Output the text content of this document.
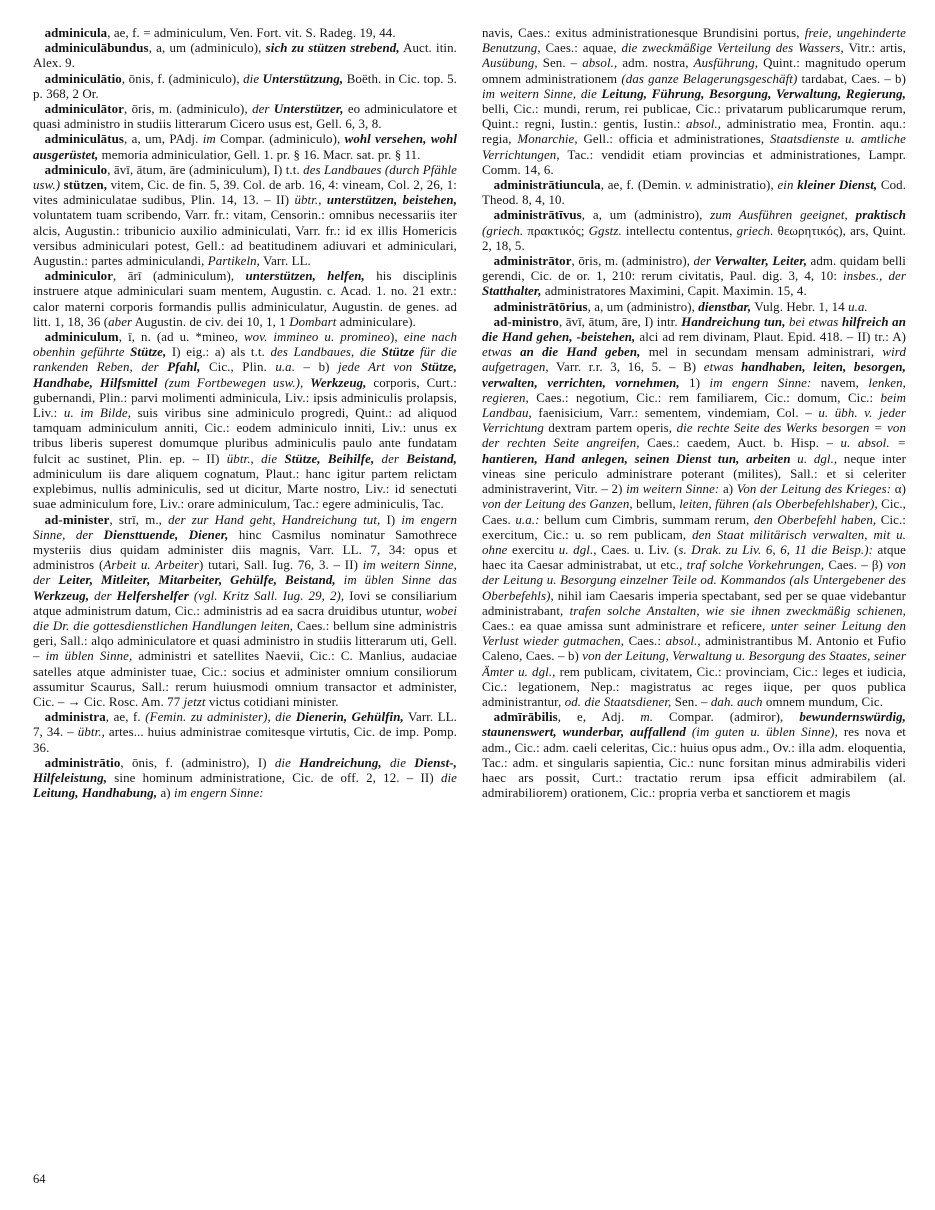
adminicula, ae, f. = adminiculum, Ven. Fort. vit. S. Radeg. 19, 44.

adminiculābundus, a, um (adminiculo), sich zu stützen strebend, Auct. itin. Alex. 9.

adminiculātio, ōnis, f. (adminiculo), die Unterstützung, Boëth. in Cic. top. 5. p. 368, 2 Or.

adminiculātor, ōris, m. (adminiculo), der Unterstützer, eo adminiculatore et quasi administro in studiis litterarum Cicero usus est, Gell. 6, 3, 8.

adminiculātus, a, um, PAdj. im Compar. (adminiculo), wohl versehen, wohl ausgerüstet, memoria adminiculatior, Gell. 1. pr. § 16. Macr. sat. pr. § 11.

adminiculo, āvī, ātum, āre (adminiculum), I) t.t. des Landbaues (durch Pfähle usw.) stützen, vitem, Cic. de fin. 5, 39. Col. de arb. 16, 4: vineam, Col. 2, 26, 1: vites adminiculatae sudibus, Plin. 14, 13. – II) übtr., unterstützen, beistehen, voluntatem tuam scribendo, Varr. fr.: vitam, Censorin.: omnibus necessariis iter alcis, Augustin.: tribunicio auxilio adminiculati, Varr. fr.: id ex illis Homericis versibus adminiculari potest, Gell.: ad beatitudinem adiuvari et adminiculari, Augustin.: partes adminiculandi, Partikeln, Varr. LL.

adminiculor, ārī (adminiculum), unterstützen, helfen, his disciplinis instruere atque adminiculari suam mentem, Augustin. c. Acad. 1. no. 21 extr.: calor materni corporis formandis pullis adminiculatur, Augustin. de genes. ad litt. 1, 18, 36 (aber Augustin. de civ. dei 10, 1, 1 Dombart adminiculare).

adminiculum, ī, n. (ad u. *mineo, wov. immineo u. promineo), eine nach obenhin geführte Stütze, I) eig.: a) als t.t. des Landbaues, die Stütze für die rankenden Reben, der Pfahl, Cic., Plin. u.a. – b) jede Art von Stütze, Handhabe, Hilfsmittel (zum Fortbewegen usw.), Werkzeug, corporis, Curt.: gubernandi, Plin.: parvi molimenti adminicula, Liv.: ipsis adminiculis prolapsis, Liv.: u. im Bilde, suis viribus sine adminiculo progredi, Quint.: ad aliquod tamquam adminiculum anniti, Cic.: eodem adminiculo inniti, Liv.: unus ex tribus liberis superest domumque pluribus adminiculis paulo ante fundatam fulcit ac sustinet, Plin. ep. – II) übtr., die Stütze, Beihilfe, der Beistand, adminiculum iis dare aliquem cognatum, Plaut.: hanc igitur partem relictam explebimus, nullis adminiculis, sed ut dicitur, Marte nostro, Liv.: id senectuti suae adminiculum fore, Liv.: orare adminiculum, Tac.: egere adminiculis, Tac.

ad-minister, strī, m., der zur Hand geht, Handreichung tut, I) im engern Sinne, der Diensttuende, Diener, hinc Casmilus nominatur Samothrece mysteriis dius quidam administer diis magnis, Varr. LL. 7, 34: opus et administros (Arbeit u. Arbeiter) tutari, Sall. Iug. 76, 3. – II) im weitern Sinne, der Leiter, Mitleiter, Mitarbeiter, Gehülfe, Beistand, im üblen Sinne das Werkzeug, der Helfershelfer (vgl. Kritz Sall. Iug. 29, 2), Iovi se consiliarium atque administrum datum, Cic.: administris ad ea sacra druidibus utuntur, wobei die Dr. die gottesdienstlichen Handlungen leiten, Caes.: bellum sine administris geri, Sall.: alqo adminiculatore et quasi administro in studiis litterarum uti, Gell. – im üblen Sinne, administri et satellites Naevii, Cic.: C. Manlius, audaciae satelles atque administer tuae, Cic.: socius et administer omnium consiliorum assumitur Scaurus, Sall.: rerum huiusmodi omnium transactor et administer, Cic. – → Cic. Rosc. Am. 77 jetzt victus cotidiani minister.

administra, ae, f. (Femin. zu administer), die Dienerin, Gehülfin, Varr. LL. 7, 34. – übtr., artes... huius administrae comitesque virtutis, Cic. de imp. Pomp. 36.

administrātio, ōnis, f. (administro), I) die Handreichung, die Dienst-, Hilfeleistung, sine hominum administratione, Cic. de off. 2, 12. – II) die Leitung, Handhabung, a) im engern Sinne:

navis, Caes.: exitus administrationesque Brundisini portus, freie, ungehinderte Benutzung, Caes.: aquae, die zweckmäßige Verteilung des Wassers, Vitr.: artis, Ausübung, Sen. – absol., adm. nostra, Ausführung, Quint.: magnitudo operum omnem administrationem (das ganze Belagerungsgeschäft) tardabat, Caes. – b) im weitern Sinne, die Leitung, Führung, Besorgung, Verwaltung, Regierung, belli, Cic.: mundi, rerum, rei publicae, Cic.: privatarum publicarumque rerum, Quint.: regni, Iustin.: gentis, Iustin.: absol., administratio mea, Frontin. aqu.: regia, Monarchie, Gell.: officia et administrationes, Staatsdienste u. amtliche Verrichtungen, Tac.: vendidit etiam provincias et administrationes, Lampr. Comm. 14, 6.

administrātiuncula, ae, f. (Demin. v. administratio), ein kleiner Dienst, Cod. Theod. 8, 4, 10.

administrātīvus, a, um (administro), zum Ausführen geeignet, praktisch (griech. πρακτικός; Ggstz. intellectu contentus, griech. θεωρητικός), ars, Quint. 2, 18, 5.

administrātor, ōris, m. (administro), der Verwalter, Leiter, adm. quidam belli gerendi, Cic. de or. 1, 210: rerum civitatis, Paul. dig. 3, 4, 10: insbes., der Statthalter, administratores Maximini, Capit. Maximin. 15, 4.

administrātōrius, a, um (administro), dienstbar, Vulg. Hebr. 1, 14 u.a.

ad-ministro, āvī, ātum, āre, I) intr. Handreichung tun, bei etwas hilfreich an die Hand gehen, -beistehen, alci ad rem divinam, Plaut. Epid. 418. – II) tr.: A) etwas an die Hand geben, mel in secundam mensam administrari, wird aufgetragen, Varr. r.r. 3, 16, 5. – B) etwas handhaben, leiten, besorgen, verwalten, verrichten, vornehmen, 1) im engern Sinne: navem, lenken, regieren, Caes.: negotium, Cic.: rem familiarem, Cic.: domum, Cic.: beim Landbau, faenisicium, Varr.: sementem, vindemiam, Col. – u. übh. v. jeder Verrichtung dextram partem operis, die rechte Seite des Werks besorgen = von der rechten Seite angreifen, Caes.: caedem, Auct. b. Hisp. – u. absol. = hantieren, Hand anlegen, seinen Dienst tun, arbeiten u. dgl., neque inter vineas sine periculo administrare poterant (milites), Sall.: et si celeriter administraverint, Vitr. – 2) im weitern Sinne: a) Von der Leitung des Krieges: α) von der Leitung des Ganzen, bellum, leiten, führen (als Oberbefehlshaber), Cic., Caes. u.a.: bellum cum Cimbris, summam rerum, den Oberbefehl haben, Cic.: exercitum, Cic.: u. so rem publicam, den Staat militärisch verwalten, mit u. ohne exercitu u. dgl., Caes. u. Liv. (s. Drak. zu Liv. 6, 6, 11 die Beisp.): atque haec ita Caesar administrabat, ut etc., traf solche Vorkehrungen, Caes. – β) von der Leitung u. Besorgung einzelner Teile od. Kommandos (als Untergebener des Oberbefehls), nihil iam Caesaris imperia spectabant, sed per se quae videbantur administrabant, trafen solche Anstalten, wie sie ihnen zweckmäßig schienen, Caes.: ea quae amissa sunt administrare et reficere, unter seiner Leitung den Verlust wieder gutmachen, Caes.: absol., administrantibus M. Antonio et Fufio Caleno, Caes. – b) von der Leitung, Verwaltung u. Besorgung des Staates, seiner Ämter u. dgl., rem publicam, civitatem, Cic.: provinciam, Cic.: leges et iudicia, Cic.: legationem, Nep.: magistratus ac reges iique, per quos publica administrantur, od. die Staatsdiener, Sen. – dah. auch omnem mundum, Cic.

admīrābilis, e, Adj. m. Compar. (admiror), bewundernswürdig, staunenswert, wunderbar, auffallend (im guten u. üblen Sinne), res nova et adm., Cic.: adm. caeli celeritas, Cic.: huius opus adm., Ov.: illa adm. eloquentia, Tac.: adm. et singularis sapientia, Cic.: nunc forsitan minus admirabilis videri haec ars possit, Curt.: tractatio rerum ipsa efficit admirabilem (al. admirabiliorem) orationem, Cic.: propria verba et sanctiorem et magis

64
